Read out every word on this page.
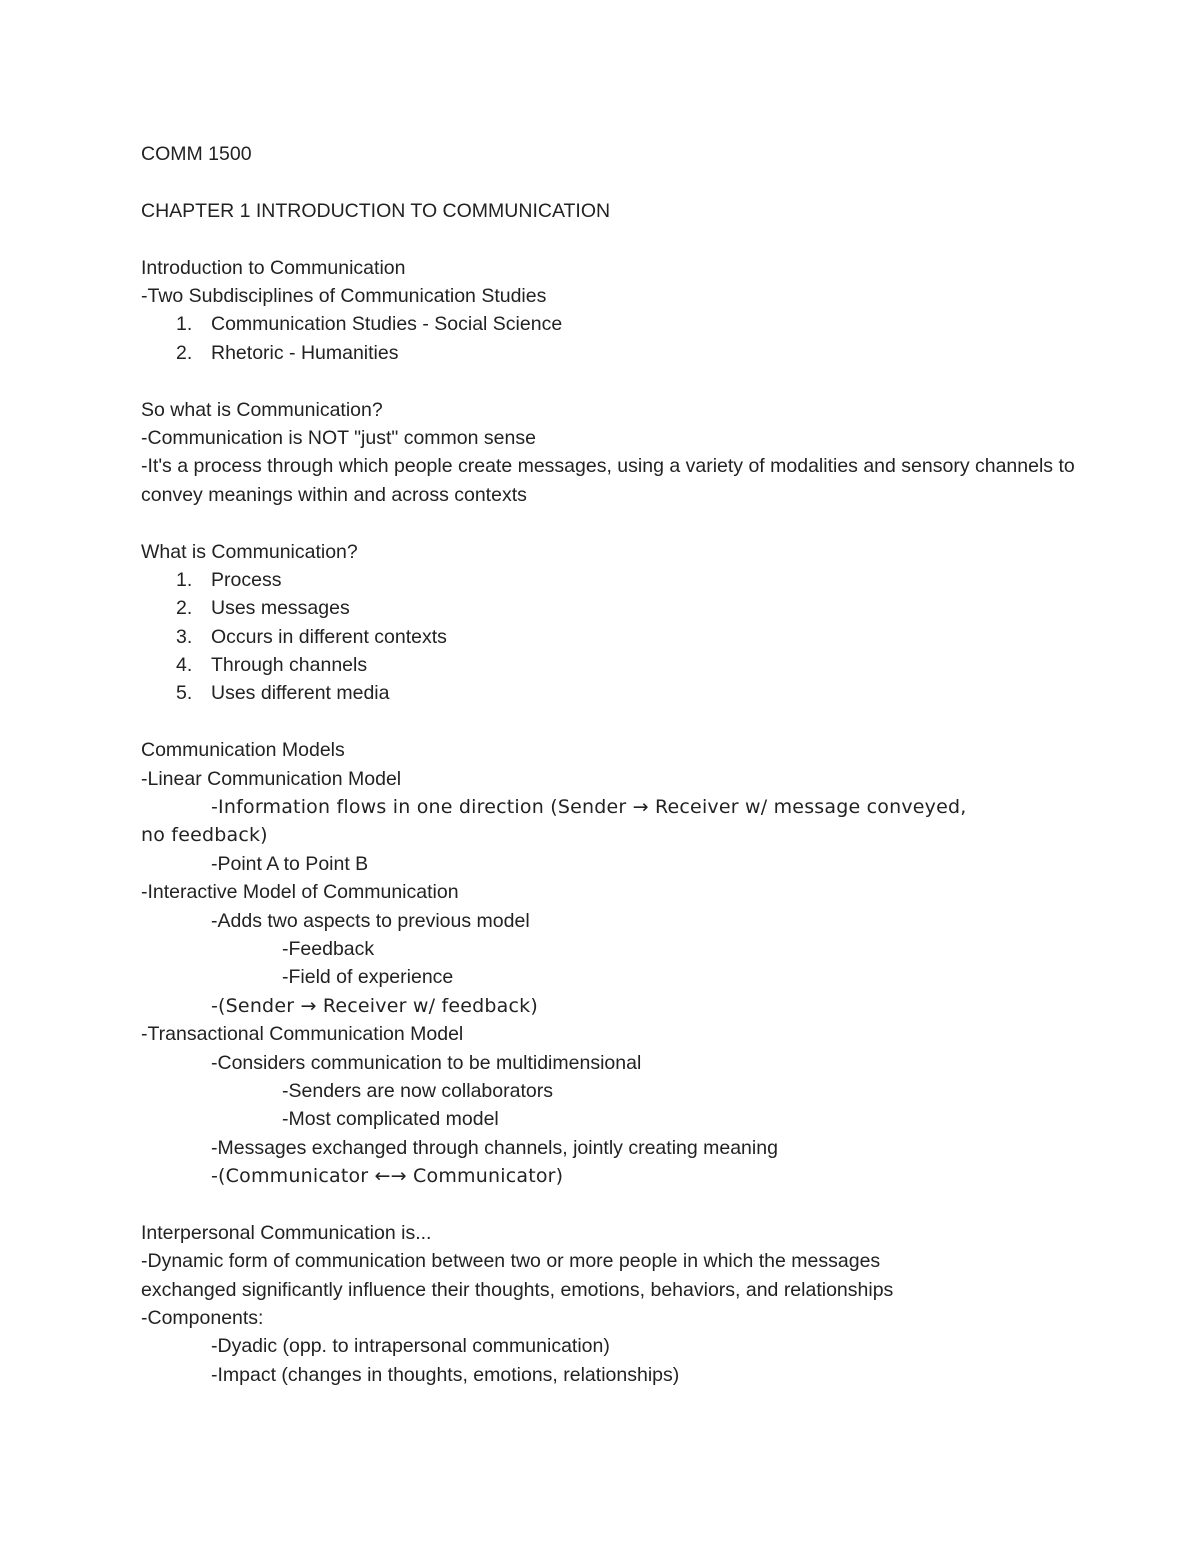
COMM 1500
CHAPTER 1 INTRODUCTION TO COMMUNICATION
Introduction to Communication
-Two Subdisciplines of Communication Studies
1. Communication Studies - Social Science
2. Rhetoric - Humanities
So what is Communication?
-Communication is NOT "just" common sense
-It's a process through which people create messages, using a variety of modalities and sensory channels to convey meanings within and across contexts
What is Communication?
1. Process
2. Uses messages
3. Occurs in different contexts
4. Through channels
5. Uses different media
Communication Models
-Linear Communication Model
-Information flows in one direction (Sender → Receiver w/ message conveyed,
no feedback)
-Point A to Point B
-Interactive Model of Communication
-Adds two aspects to previous model
-Feedback
-Field of experience
-(Sender → Receiver w/ feedback)
-Transactional Communication Model
-Considers communication to be multidimensional
-Senders are now collaborators
-Most complicated model
-Messages exchanged through channels, jointly creating meaning
-(Communicator ←→ Communicator)
Interpersonal Communication is...
-Dynamic form of communication between two or more people in which the messages
exchanged significantly influence their thoughts, emotions, behaviors, and relationships
-Components:
-Dyadic (opp. to intrapersonal communication)
-Impact (changes in thoughts, emotions, relationships)
